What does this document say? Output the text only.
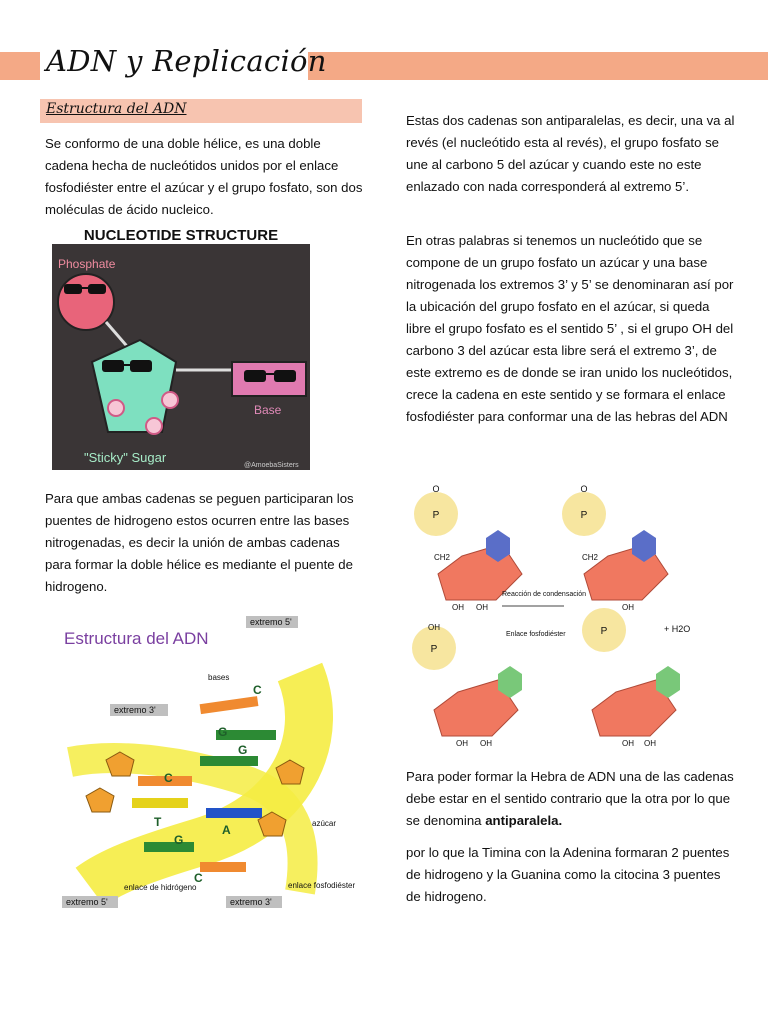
ADN y Replicación
Estructura del ADN

Se conformo de una doble hélice, es una doble cadena hecha de nucleótidos unidos por el enlace fosfodiéster entre el azúcar y el grupo fosfato, son dos moléculas de ácido nucleico.

NUCLEOTIDE STRUCTURE
Phosphate
"Sticky" Sugar
Base
@AmoebaSisters

Para que ambas cadenas se peguen participaran los puentes de hidrogeno estos ocurren entre las bases nitrogenadas, es decir la unión de ambas cadenas para formar la doble hélice es mediante el puente de hidrogeno.

Estructura del ADN
extremo 5'
bases
extremo 3'
C
G
G
C
T
A
G
C
azúcar
enlace de hidrógeno	enlace fosfodiéster
extremo 5'	extremo 3'

Estas dos cadenas son antiparalelas, es decir, una va al revés (el nucleótido esta al revés), el grupo fosfato se une al carbono 5 del azúcar y cuando este no este enlazado con nada corresponderá al extremo 5’.

En otras palabras si tenemos un nucleótido que se compone de un grupo fosfato un azúcar y una base nitrogenada los extremos 3’ y 5’ se denominaran así por la ubicación del grupo fosfato en el azúcar, si queda libre el grupo fosfato es el sentido 5’ , si el grupo OH del carbono 3 del azúcar esta libre será el extremo 3’, de este extremo es de donde se iran unido los nucleótidos, crece la cadena en este sentido y se formara el enlace fosfodiéster para conformar una de las hebras del ADN

O
P
CH2
OH OH
O
P
CH2
OH
Reacción de condensación
Enlace fosfodiéster
OH
P
OH OH
P	+ H2O
OH OH

Para poder formar la Hebra de ADN una de las cadenas debe estar en el sentido contrario que la otra por lo que se denomina antiparalela.

por lo que la Timina con la Adenina formaran 2 puentes de hidrogeno y la Guanina como la citocina 3 puentes de hidrogeno.
